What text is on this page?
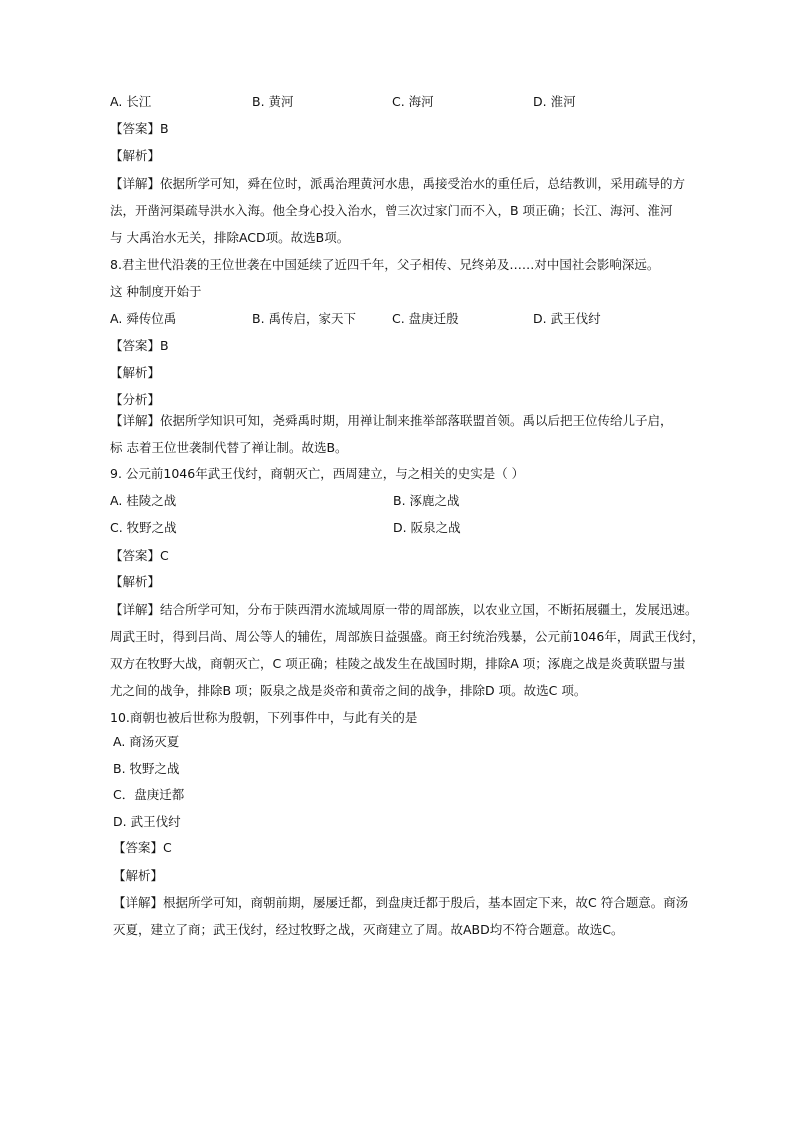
A. 长江	B. 黄河	C. 海河	D. 淮河
【答案】B
【解析】
【详解】依据所学可知，舜在位时，派禹治理黄河水患，禹接受治水的重任后，总结教训，采用疏导的方
法，开凿河渠疏导洪水入海。他全身心投入治水，曾三次过家门而不入，B 项正确；长江、海河、淮河
与 大禹治水无关，排除ACD项。故选B项。
8.君主世代沿袭的王位世袭在中国延续了近四千年，父子相传、兄终弟及……对中国社会影响深远。
这 种制度开始于
A. 舜传位禹	B. 禹传启，家天下	C. 盘庚迁殷	D. 武王伐纣
【答案】B
【解析】
【分析】
【详解】依据所学知识可知，尧舜禹时期，用禅让制来推举部落联盟首领。禹以后把王位传给儿子启，
标 志着王位世袭制代替了禅让制。故选B。
9. 公元前1046年武王伐纣，商朝灭亡，西周建立，与之相关的史实是（ ）
A. 桂陵之战	B. 涿鹿之战
C. 牧野之战	D. 阪泉之战
【答案】C
【解析】
【详解】结合所学可知，分布于陕西渭水流域周原一带的周部族，以农业立国，不断拓展疆土，发展迅速。
周武王时，得到吕尚、周公等人的辅佐，周部族日益强盛。商王纣统治残暴，公元前1046年，周武王伐纣，
双方在牧野大战，商朝灭亡，C 项正确；桂陵之战发生在战国时期，排除A 项；涿鹿之战是炎黄联盟与蚩
尤之间的战争，排除B 项；阪泉之战是炎帝和黄帝之间的战争，排除D 项。故选C 项。
10.商朝也被后世称为殷朝，下列事件中，与此有关的是
A. 商汤灭夏
B. 牧野之战
C．盘庚迁都
D. 武王伐纣
【答案】C
【解析】
【详解】根据所学可知，商朝前期，屡屡迁都，到盘庚迁都于殷后，基本固定下来，故C 符合题意。商汤
灭夏，建立了商；武王伐纣，经过牧野之战，灭商建立了周。故ABD均不符合题意。故选C。
